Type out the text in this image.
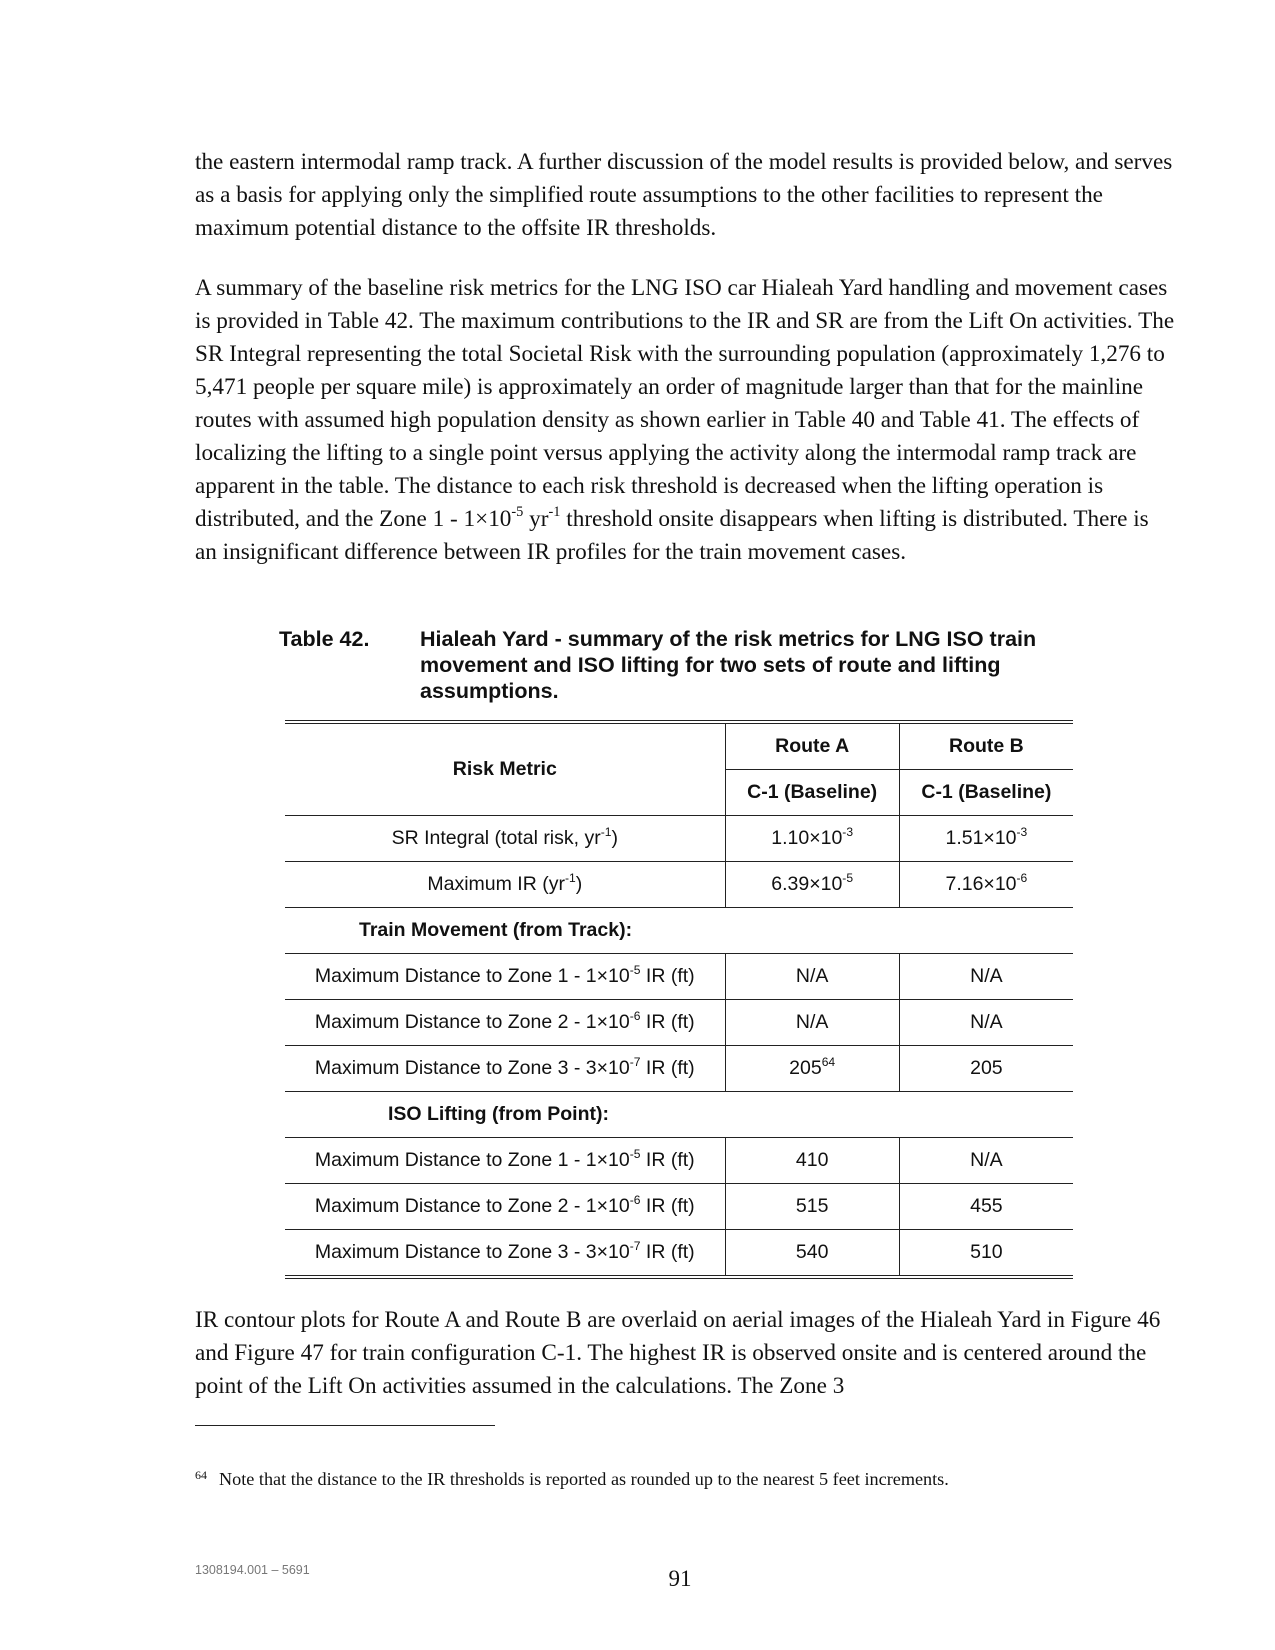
the eastern intermodal ramp track. A further discussion of the model results is provided below, and serves as a basis for applying only the simplified route assumptions to the other facilities to represent the maximum potential distance to the offsite IR thresholds.

A summary of the baseline risk metrics for the LNG ISO car Hialeah Yard handling and movement cases is provided in Table 42. The maximum contributions to the IR and SR are from the Lift On activities. The SR Integral representing the total Societal Risk with the surrounding population (approximately 1,276 to 5,471 people per square mile) is approximately an order of magnitude larger than that for the mainline routes with assumed high population density as shown earlier in Table 40 and Table 41. The effects of localizing the lifting to a single point versus applying the activity along the intermodal ramp track are apparent in the table. The distance to each risk threshold is decreased when the lifting operation is distributed, and the Zone $1 - 1\times 10^{-5}$ $yr^{-1}$ threshold onsite disappears when lifting is distributed. There is an insignificant difference between IR profiles for the train movement cases.

Table 42. Hialeah Yard - summary of the risk metrics for LNG ISO train movement and ISO lifting for two sets of route and lifting assumptions.
Risk Metric	Route A	Route B
	C-1 (Baseline)	C-1 (Baseline)
SR Integral (total risk, $yr^{-1}$)	$1.10\times 10^{-3}$	$1.51\times 10^{-3}$
Maximum IR $(yr^{-1})$	$6.39\times 10^{-5}$	$7.16\times 10^{-6}$
Train Movement (from Track):		
Maximum Distance to Zone $1 - 1\times 10^{-5}$ IR (ft)	N/A	N/A
Maximum Distance to Zone $2 - 1\times 10^{-6}$ IR (ft)	N/A	N/A
Maximum Distance to Zone $3 - 3\times 10^{-7}$ IR (ft)	$205^{64}$	205
ISO Lifting (from Point):		
Maximum Distance to Zone $1 - 1\times 10^{-5}$ IR (ft)	410	N/A
Maximum Distance to Zone $2 - 1\times 10^{-6}$ IR (ft)	515	455
Maximum Distance to Zone $3 - 3\times 10^{-7}$ IR (ft)	540	510

IR contour plots for Route A and Route B are overlaid on aerial images of the Hialeah Yard in Figure 46 and Figure 47 for train configuration C-1. The highest IR is observed onsite and is centered around the point of the Lift On activities assumed in the calculations. The Zone 3

$^{64}$ Note that the distance to the IR thresholds is reported as rounded up to the nearest 5 feet increments.
1308194.001 – 5691	91
